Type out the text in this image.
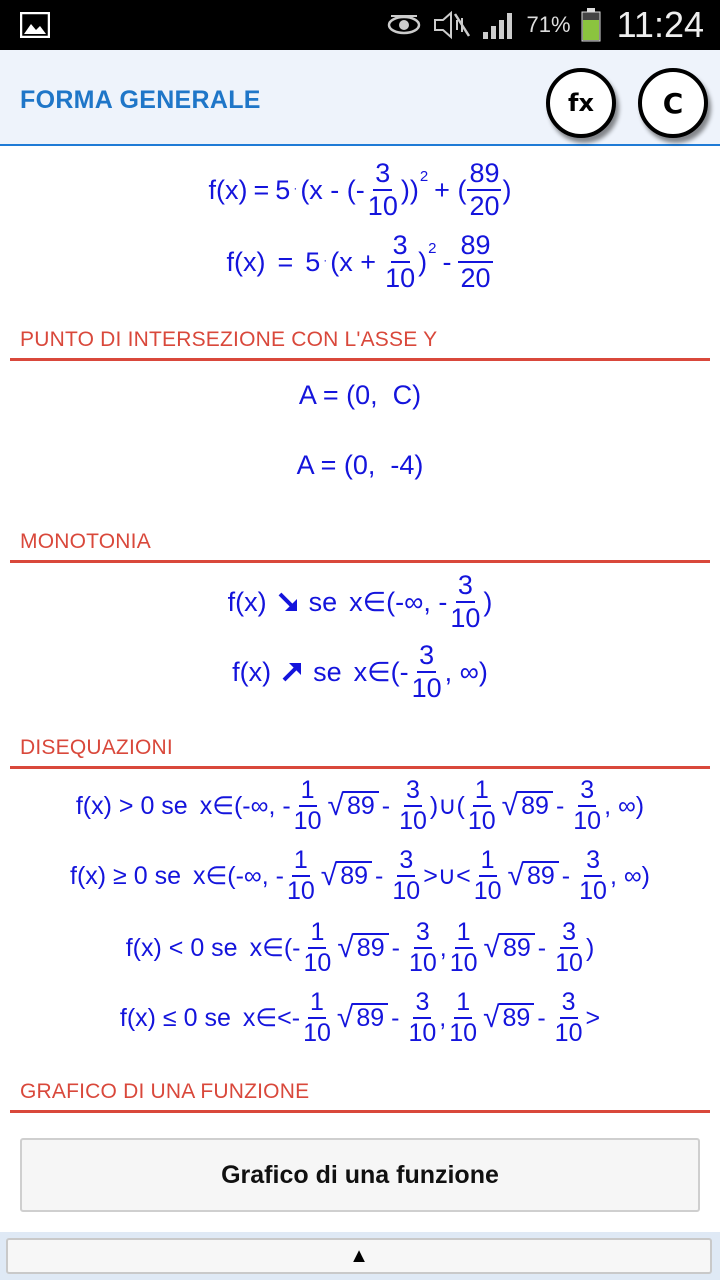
71% 11:24
FORMA GENERALE	fx	C
f(x) = 5 · (x - ( - $\frac{3}{10}$ )) 2 + ( $\frac{89}{20}$ )
$f(x) = 5 \cdot (x + \frac{3}{10}$ ) $2 - \frac{89}{20}$
PUNTO DI INTERSEZIONE CON L'ASSE Y
A = (0,  C)
A = (0,  -4)
MONOTONIA
f(x) se x∈(-∞, - $\frac{3}{10}$ )
f(x) se x∈(- $\frac{3}{10}$ , ∞)
DISEQUAZIONI
f(x) > 0 se x∈(-∞, - $\frac{1}{10}$ √ $89 - \frac{3}{10}$ ) ∪( $\frac{1}{10}$ √ $89 - \frac{3}{10}$ , ∞)
f(x) ≥ 0 se x∈(-∞, - $\frac{1}{10}$ √ $89 - \frac{3}{10}$ > ∪< $\frac{1}{10}$ √ $89 - \frac{3}{10}$ , ∞)
f(x) < 0 se x∈(- $\frac{1}{10}$ √ $89 - \frac{3}{10}$ , $\frac{1}{10}$ √ $89 - \frac{3}{10}$ )
f(x) ≤ 0 se x∈<- $\frac{1}{10}$ √ $89 - \frac{3}{10}$ , $\frac{1}{10}$ √ $89 - \frac{3}{10}$ >
GRAFICO DI UNA FUNZIONE
Grafico di una funzione
▲
